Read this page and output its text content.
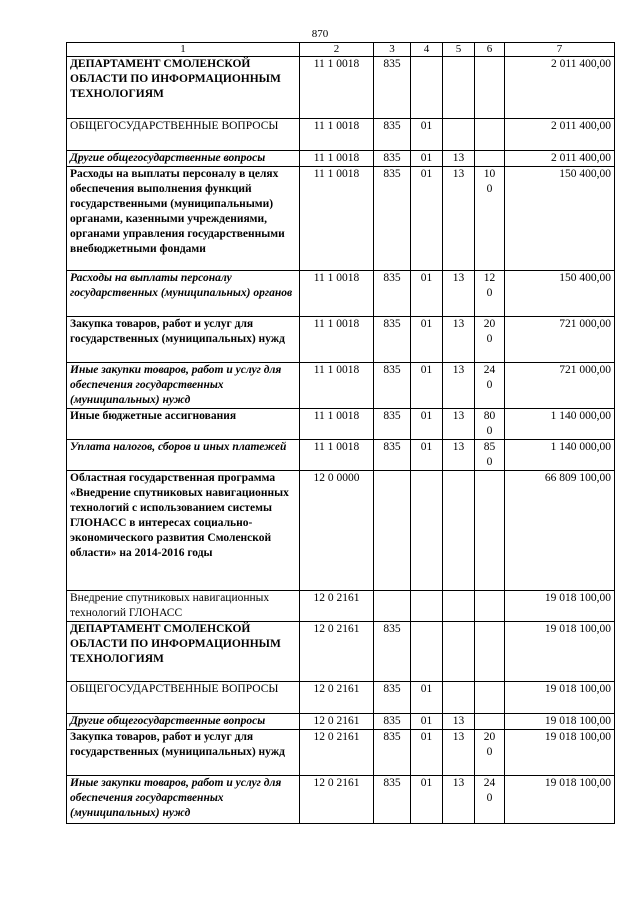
870
1	2	3	4	5	6	7
ДЕПАРТАМЕНТ СМОЛЕНСКОЙ ОБЛАСТИ ПО ИНФОРМАЦИОННЫМ ТЕХНОЛОГИЯМ	11 1 0018	835				2 011 400,00
ОБЩЕГОСУДАРСТВЕННЫЕ ВОПРОСЫ	11 1 0018	835	01			2 011 400,00
Другие общегосударственные вопросы	11 1 0018	835	01	13		2 011 400,00
Расходы на выплаты персоналу в целях обеспечения выполнения функций государственными (муниципальными) органами, казенными учреждениями, органами управления государственными внебюджетными фондами	11 1 0018	835	01	13	100	150 400,00
Расходы на выплаты персоналу государственных (муниципальных) органов	11 1 0018	835	01	13	120	150 400,00
Закупка товаров, работ и услуг для государственных (муниципальных) нужд	11 1 0018	835	01	13	200	721 000,00
Иные закупки товаров, работ и услуг для обеспечения государственных (муниципальных) нужд	11 1 0018	835	01	13	240	721 000,00
Иные бюджетные ассигнования	11 1 0018	835	01	13	800	1 140 000,00
Уплата налогов, сборов и иных платежей	11 1 0018	835	01	13	850	1 140 000,00
Областная государственная программа «Внедрение спутниковых навигационных технологий с использованием системы ГЛОНАСС в интересах социально-экономического развития Смоленской области» на 2014-2016 годы	12 0 0000					66 809 100,00
Внедрение спутниковых навигационных технологий ГЛОНАСС	12 0 2161					19 018 100,00
ДЕПАРТАМЕНТ СМОЛЕНСКОЙ ОБЛАСТИ ПО ИНФОРМАЦИОННЫМ ТЕХНОЛОГИЯМ	12 0 2161	835				19 018 100,00
ОБЩЕГОСУДАРСТВЕННЫЕ ВОПРОСЫ	12 0 2161	835	01			19 018 100,00
Другие общегосударственные вопросы	12 0 2161	835	01	13		19 018 100,00
Закупка товаров, работ и услуг для государственных (муниципальных) нужд	12 0 2161	835	01	13	200	19 018 100,00
Иные закупки товаров, работ и услуг для обеспечения государственных (муниципальных) нужд	12 0 2161	835	01	13	240	19 018 100,00
